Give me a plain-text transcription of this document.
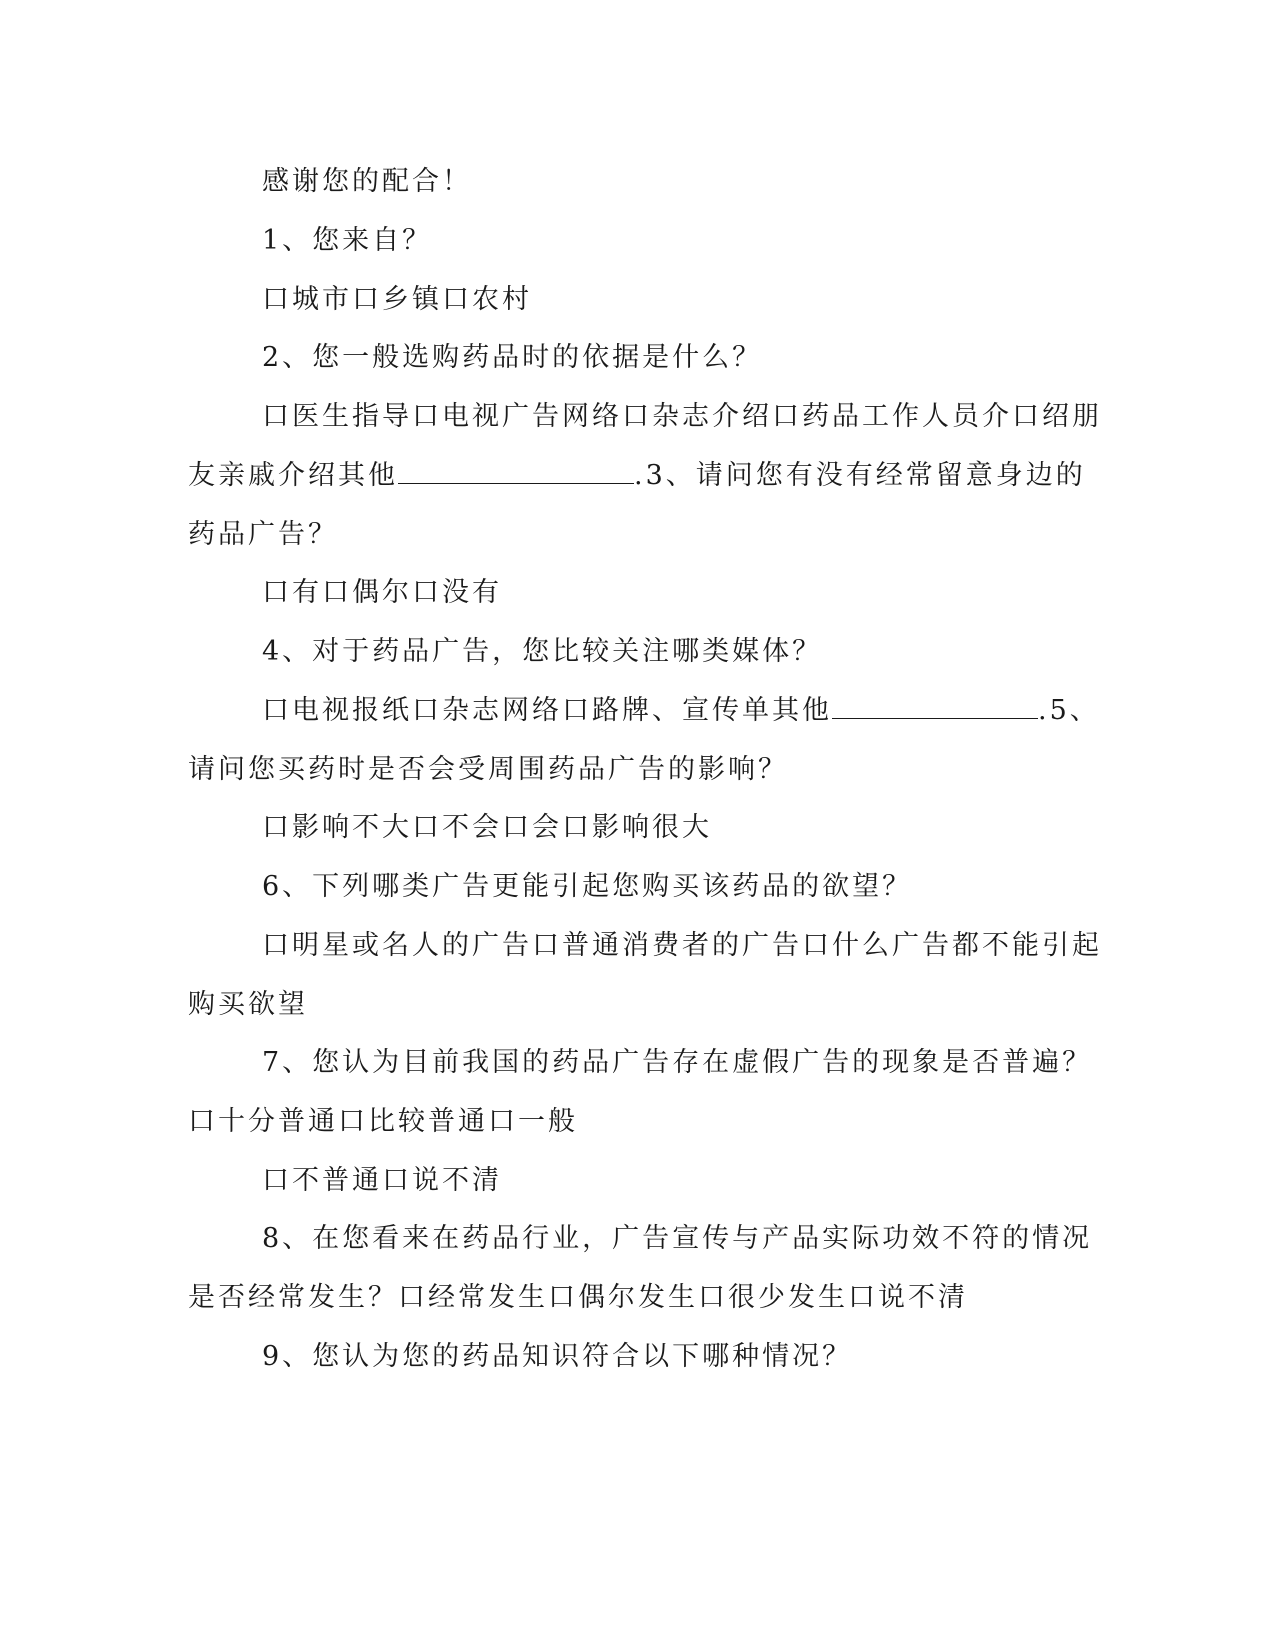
感谢您的配合！
1、您来自？
口城市口乡镇口农村
2、您一般选购药品时的依据是什么？
口医生指导口电视广告网络口杂志介绍口药品工作人员介口绍朋
友亲戚介绍其他	.3、请问您有没有经常留意身边的
药品广告？
口有口偶尔口没有
4、对于药品广告，您比较关注哪类媒体？
口电视报纸口杂志网络口路牌、宣传单其他	.5、
请问您买药时是否会受周围药品广告的影响？
口影响不大口不会口会口影响很大
6、下列哪类广告更能引起您购买该药品的欲望？
口明星或名人的广告口普通消费者的广告口什么广告都不能引起
购买欲望
7、您认为目前我国的药品广告存在虚假广告的现象是否普遍？
口十分普通口比较普通口一般
口不普通口说不清
8、在您看来在药品行业，广告宣传与产品实际功效不符的情况
是否经常发生？口经常发生口偶尔发生口很少发生口说不清
9、您认为您的药品知识符合以下哪种情况？
